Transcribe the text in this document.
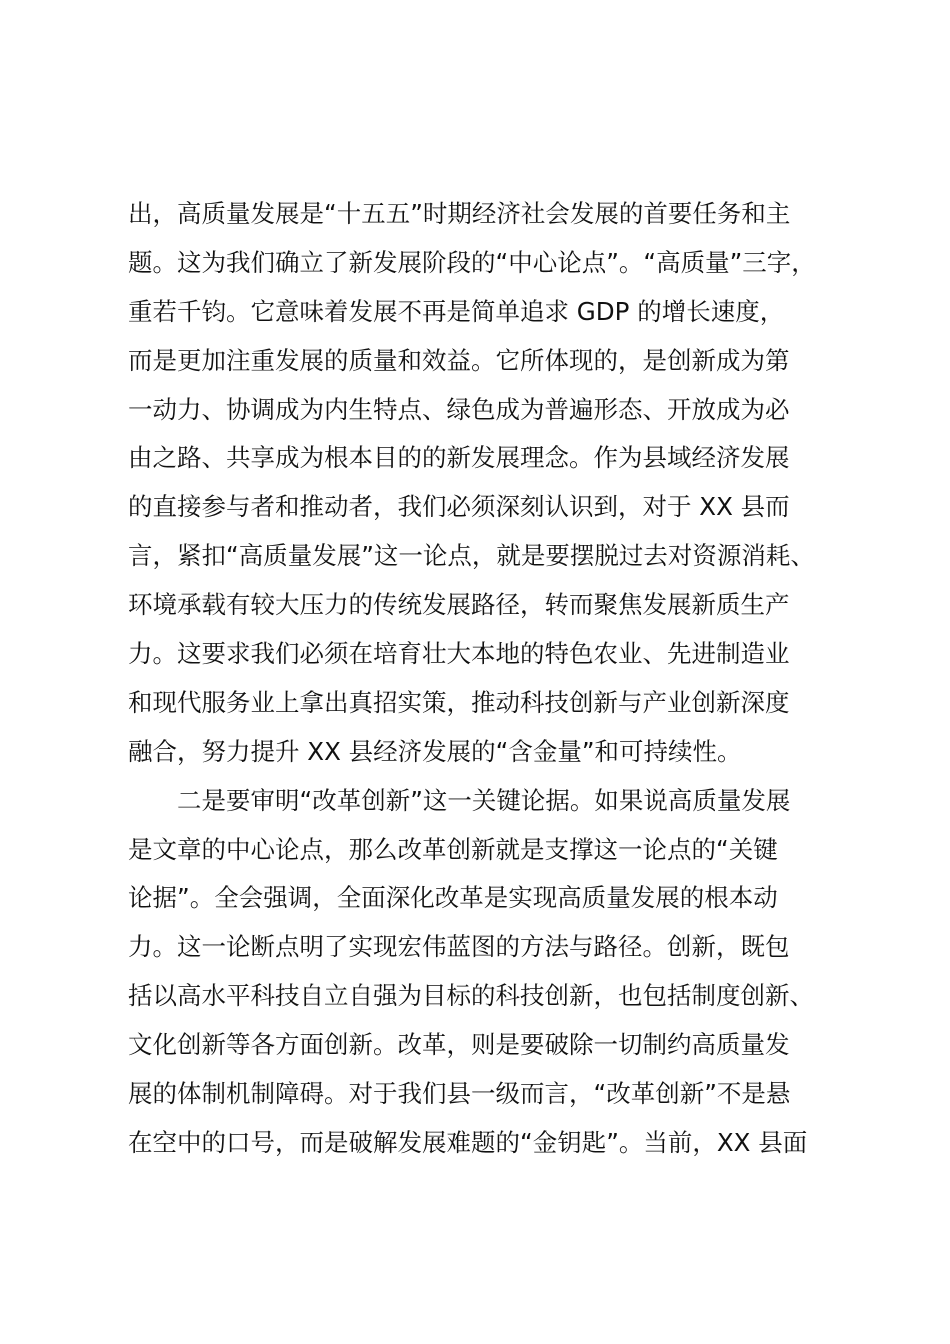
出，高质量发展是“十五五”时期经济社会发展的首要任务和主
题。这为我们确立了新发展阶段的“中心论点”。“高质量”三字，
重若千钧。它意味着发展不再是简单追求 GDP 的增长速度，
而是更加注重发展的质量和效益。它所体现的，是创新成为第
一动力、协调成为内生特点、绿色成为普遍形态、开放成为必
由之路、共享成为根本目的的新发展理念。作为县域经济发展
的直接参与者和推动者，我们必须深刻认识到，对于 XX 县而
言，紧扣“高质量发展”这一论点，就是要摆脱过去对资源消耗、
环境承载有较大压力的传统发展路径，转而聚焦发展新质生产
力。这要求我们必须在培育壮大本地的特色农业、先进制造业
和现代服务业上拿出真招实策，推动科技创新与产业创新深度
融合，努力提升 XX 县经济发展的“含金量”和可持续性。
二是要审明“改革创新”这一关键论据。如果说高质量发展
是文章的中心论点，那么改革创新就是支撑这一论点的“关键
论据”。全会强调，全面深化改革是实现高质量发展的根本动
力。这一论断点明了实现宏伟蓝图的方法与路径。创新，既包
括以高水平科技自立自强为目标的科技创新，也包括制度创新、
文化创新等各方面创新。改革，则是要破除一切制约高质量发
展的体制机制障碍。对于我们县一级而言，“改革创新”不是悬
在空中的口号，而是破解发展难题的“金钥匙”。当前，XX 县面
